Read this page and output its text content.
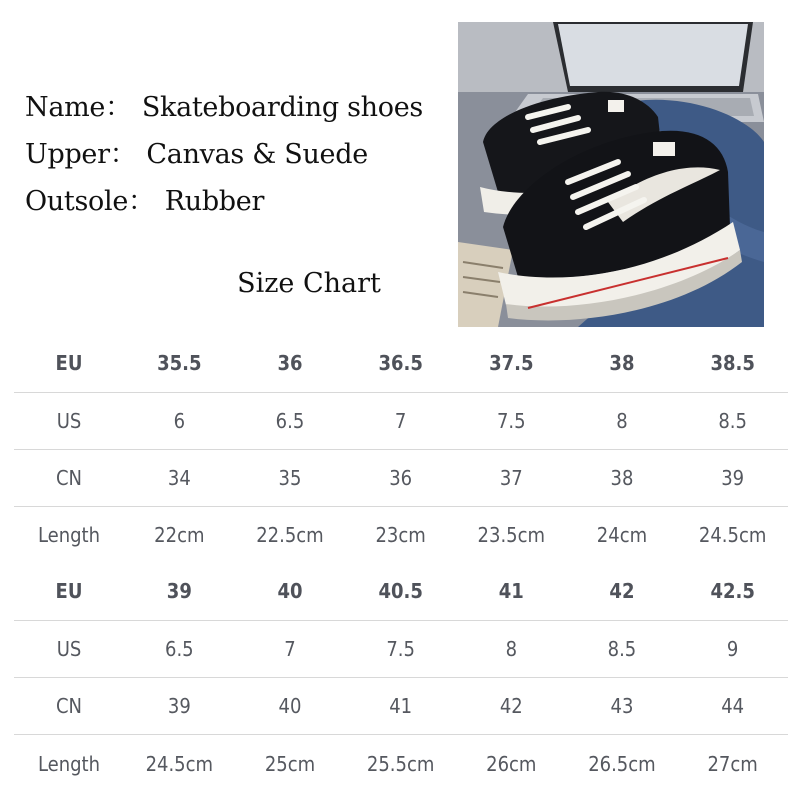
Name： Skateboarding shoes
Upper： Canvas & Suede
Outsole： Rubber
Size Chart
EU	35.5	36	36.5	37.5	38	38.5
US	6	6.5	7	7.5	8	8.5
CN	34	35	36	37	38	39
Length	22cm	22.5cm	23cm	23.5cm	24cm	24.5cm
EU	39	40	40.5	41	42	42.5
US	6.5	7	7.5	8	8.5	9
CN	39	40	41	42	43	44
Length	24.5cm	25cm	25.5cm	26cm	26.5cm	27cm
